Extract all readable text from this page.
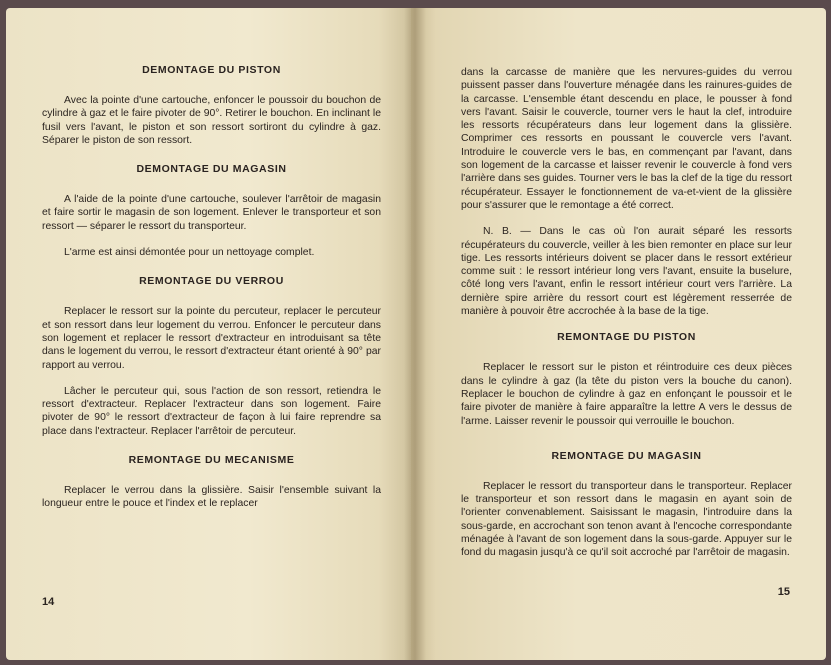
DEMONTAGE DU PISTON

Avec la pointe d'une cartouche, enfoncer le poussoir du bouchon de cylindre à gaz et le faire pivoter de 90°. Retirer le bouchon. En inclinant le fusil vers l'avant, le piston et son ressort sortiront du cylindre à gaz. Séparer le piston de son ressort.

DEMONTAGE DU MAGASIN

A l'aide de la pointe d'une cartouche, soulever l'arrêtoir de magasin et faire sortir le magasin de son logement. Enlever le transporteur et son ressort — séparer le ressort du transporteur.

L'arme est ainsi démontée pour un nettoyage complet.

REMONTAGE DU VERROU

Replacer le ressort sur la pointe du percuteur, replacer le percuteur et son ressort dans leur logement du verrou. Enfoncer le percuteur dans son logement et replacer le ressort d'extracteur en introduisant sa tête dans le logement du verrou, le ressort d'extracteur étant orienté à 90° par rapport au verrou.

Lâcher le percuteur qui, sous l'action de son ressort, retiendra le ressort d'extracteur. Replacer l'extracteur dans son logement. Faire pivoter de 90° le ressort d'extracteur de façon à lui faire reprendre sa place dans l'extracteur. Replacer l'arrêtoir de percuteur.

REMONTAGE DU MECANISME

Replacer le verrou dans la glissière. Saisir l'ensemble suivant la longueur entre le pouce et l'index et le replacer

14

dans la carcasse de manière que les nervures-guides du verrou puissent passer dans l'ouverture ménagée dans les rainures-guides de la carcasse. L'ensemble étant descendu en place, le pousser à fond vers l'avant. Saisir le couvercle, tourner vers le haut la clef, introduire les ressorts récupérateurs dans leur logement dans la glissière. Comprimer ces ressorts en poussant le couvercle vers l'avant. Introduire le couvercle vers le bas, en commençant par l'avant, dans son logement de la carcasse et laisser revenir le couvercle à fond vers l'arrière dans ses guides. Tourner vers le bas la clef de la tige du ressort récupérateur. Essayer le fonctionnement de va-et-vient de la glissière pour s'assurer que le remontage a été correct.

N. B. — Dans le cas où l'on aurait séparé les ressorts récupérateurs du couvercle, veiller à les bien remonter en place sur leur tige. Les ressorts intérieurs doivent se placer dans le ressort extérieur comme suit : le ressort intérieur long vers l'avant, ensuite la buselure, côté long vers l'avant, enfin le ressort intérieur court vers l'arrière. La dernière spire arrière du ressort court est légèrement resserrée de manière à pouvoir être accrochée à la base de la tige.

REMONTAGE DU PISTON

Replacer le ressort sur le piston et réintroduire ces deux pièces dans le cylindre à gaz (la tête du piston vers la bouche du canon). Replacer le bouchon de cylindre à gaz en enfonçant le poussoir et le faire pivoter de manière à faire apparaître la lettre A vers le dessus de l'arme. Laisser revenir le poussoir qui verrouille le bouchon.

REMONTAGE DU MAGASIN

Replacer le ressort du transporteur dans le transporteur. Replacer le transporteur et son ressort dans le magasin en ayant soin de l'orienter convenablement. Saisissant le magasin, l'introduire dans la sous-garde, en accrochant son tenon avant à l'encoche correspondante ménagée à l'avant de son logement dans la sous-garde. Appuyer sur le fond du magasin jusqu'à ce qu'il soit accroché par l'arrêtoir de magasin.

15
